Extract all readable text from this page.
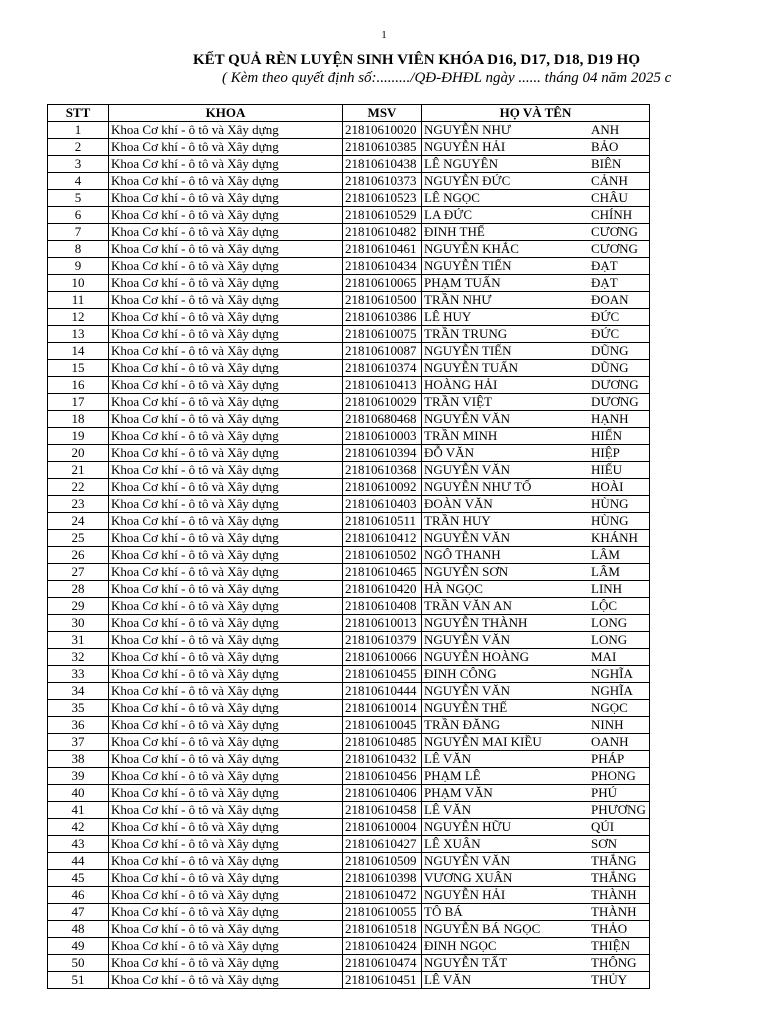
1
KẾT QUẢ RÈN LUYỆN SINH VIÊN KHÓA D16, D17, D18, D19 HỌ
( Kèm theo quyết định số:........./QĐ-ĐHĐL ngày ...... tháng 04 năm 2025 c
STT	KHOA	MSV	HỌ VÀ TÊN
1	Khoa Cơ khí - ô tô và Xây dựng	21810610020	NGUYỄN NHƯ ANH
2	Khoa Cơ khí - ô tô và Xây dựng	21810610385	NGUYỄN HẢI BẢO
3	Khoa Cơ khí - ô tô và Xây dựng	21810610438	LÊ NGUYÊN BIÊN
4	Khoa Cơ khí - ô tô và Xây dựng	21810610373	NGUYỄN ĐỨC CẢNH
5	Khoa Cơ khí - ô tô và Xây dựng	21810610523	LÊ NGỌC CHÂU
6	Khoa Cơ khí - ô tô và Xây dựng	21810610529	LA ĐỨC CHÍNH
7	Khoa Cơ khí - ô tô và Xây dựng	21810610482	ĐINH THẾ CƯƠNG
8	Khoa Cơ khí - ô tô và Xây dựng	21810610461	NGUYỄN KHẮC CƯƠNG
9	Khoa Cơ khí - ô tô và Xây dựng	21810610434	NGUYỄN TIẾN ĐẠT
10	Khoa Cơ khí - ô tô và Xây dựng	21810610065	PHẠM TUẤN ĐẠT
11	Khoa Cơ khí - ô tô và Xây dựng	21810610500	TRẦN NHƯ ĐOAN
12	Khoa Cơ khí - ô tô và Xây dựng	21810610386	LÊ HUY ĐỨC
13	Khoa Cơ khí - ô tô và Xây dựng	21810610075	TRẦN TRUNG ĐỨC
14	Khoa Cơ khí - ô tô và Xây dựng	21810610087	NGUYỄN TIẾN DŨNG
15	Khoa Cơ khí - ô tô và Xây dựng	21810610374	NGUYỄN TUẤN DŨNG
16	Khoa Cơ khí - ô tô và Xây dựng	21810610413	HOÀNG HẢI DƯƠNG
17	Khoa Cơ khí - ô tô và Xây dựng	21810610029	TRẦN VIỆT DƯƠNG
18	Khoa Cơ khí - ô tô và Xây dựng	21810680468	NGUYỄN VĂN HẠNH
19	Khoa Cơ khí - ô tô và Xây dựng	21810610003	TRẦN MINH HIỂN
20	Khoa Cơ khí - ô tô và Xây dựng	21810610394	ĐỖ VĂN HIỆP
21	Khoa Cơ khí - ô tô và Xây dựng	21810610368	NGUYỄN VĂN HIẾU
22	Khoa Cơ khí - ô tô và Xây dựng	21810610092	NGUYỄN NHƯ TỐ HOÀI
23	Khoa Cơ khí - ô tô và Xây dựng	21810610403	ĐOÀN VĂN HÙNG
24	Khoa Cơ khí - ô tô và Xây dựng	21810610511	TRẦN HUY HÙNG
25	Khoa Cơ khí - ô tô và Xây dựng	21810610412	NGUYỄN VĂN KHÁNH
26	Khoa Cơ khí - ô tô và Xây dựng	21810610502	NGÔ THANH LÂM
27	Khoa Cơ khí - ô tô và Xây dựng	21810610465	NGUYỄN SƠN LÂM
28	Khoa Cơ khí - ô tô và Xây dựng	21810610420	HÀ NGỌC LINH
29	Khoa Cơ khí - ô tô và Xây dựng	21810610408	TRẦN VĂN AN LỘC
30	Khoa Cơ khí - ô tô và Xây dựng	21810610013	NGUYỄN THÀNH LONG
31	Khoa Cơ khí - ô tô và Xây dựng	21810610379	NGUYỄN VĂN LONG
32	Khoa Cơ khí - ô tô và Xây dựng	21810610066	NGUYỄN HOÀNG MAI
33	Khoa Cơ khí - ô tô và Xây dựng	21810610455	ĐINH CÔNG NGHĨA
34	Khoa Cơ khí - ô tô và Xây dựng	21810610444	NGUYỄN VĂN NGHĨA
35	Khoa Cơ khí - ô tô và Xây dựng	21810610014	NGUYỄN THẾ NGỌC
36	Khoa Cơ khí - ô tô và Xây dựng	21810610045	TRẦN ĐĂNG NINH
37	Khoa Cơ khí - ô tô và Xây dựng	21810610485	NGUYỄN MAI KIỀU OANH
38	Khoa Cơ khí - ô tô và Xây dựng	21810610432	LÊ VĂN PHÁP
39	Khoa Cơ khí - ô tô và Xây dựng	21810610456	PHẠM LÊ PHONG
40	Khoa Cơ khí - ô tô và Xây dựng	21810610406	PHẠM VĂN PHÚ
41	Khoa Cơ khí - ô tô và Xây dựng	21810610458	LÊ VĂN PHƯƠNG
42	Khoa Cơ khí - ô tô và Xây dựng	21810610004	NGUYỄN HỮU QÚI
43	Khoa Cơ khí - ô tô và Xây dựng	21810610427	LÊ XUÂN SƠN
44	Khoa Cơ khí - ô tô và Xây dựng	21810610509	NGUYỄN VĂN THẮNG
45	Khoa Cơ khí - ô tô và Xây dựng	21810610398	VƯƠNG XUÂN THẮNG
46	Khoa Cơ khí - ô tô và Xây dựng	21810610472	NGUYỄN HẢI THÀNH
47	Khoa Cơ khí - ô tô và Xây dựng	21810610055	TÔ BÁ THÀNH
48	Khoa Cơ khí - ô tô và Xây dựng	21810610518	NGUYỄN BÁ NGỌC THẢO
49	Khoa Cơ khí - ô tô và Xây dựng	21810610424	ĐINH NGỌC THIỆN
50	Khoa Cơ khí - ô tô và Xây dựng	21810610474	NGUYỄN TẤT THÔNG
51	Khoa Cơ khí - ô tô và Xây dựng	21810610451	LÊ VĂN THỦY
